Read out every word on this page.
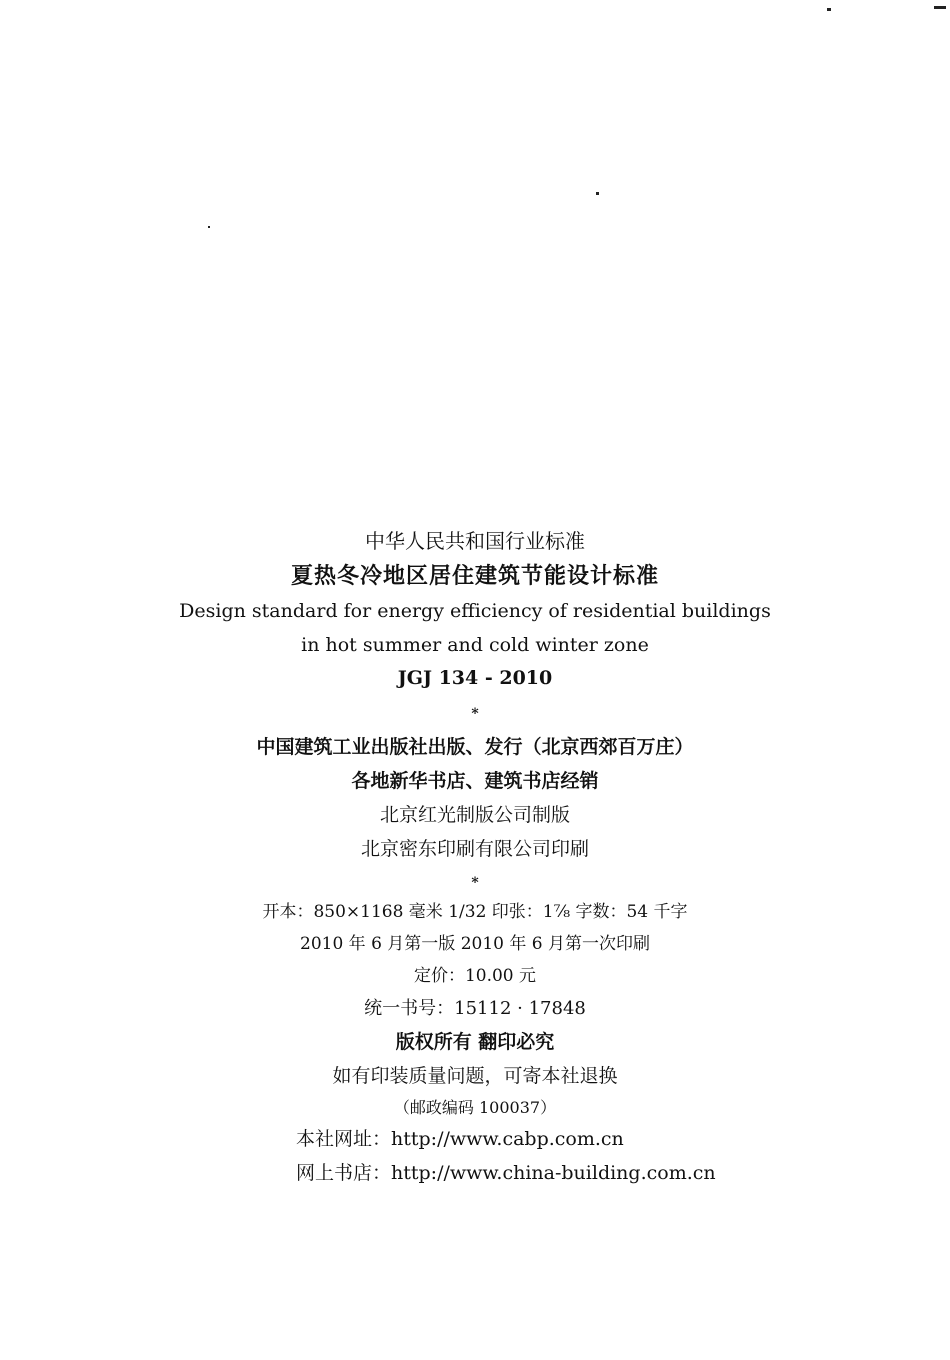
中华人民共和国行业标准
夏热冬冷地区居住建筑节能设计标准
Design standard for energy efficiency of residential buildings
in hot summer and cold winter zone
JGJ 134 - 2010
*
中国建筑工业出版社出版、发行（北京西郊百万庄）
各地新华书店、建筑书店经销
北京红光制版公司制版
北京密东印刷有限公司印刷
*
开本：850×1168 毫米 1/32 印张：1⅞ 字数：54 千字
2010 年 6 月第一版 2010 年 6 月第一次印刷
定价：10.00 元
统一书号：15112 · 17848
版权所有 翻印必究
如有印装质量问题，可寄本社退换
（邮政编码 100037）
本社网址：http://www.cabp.com.cn
网上书店：http://www.china-building.com.cn
